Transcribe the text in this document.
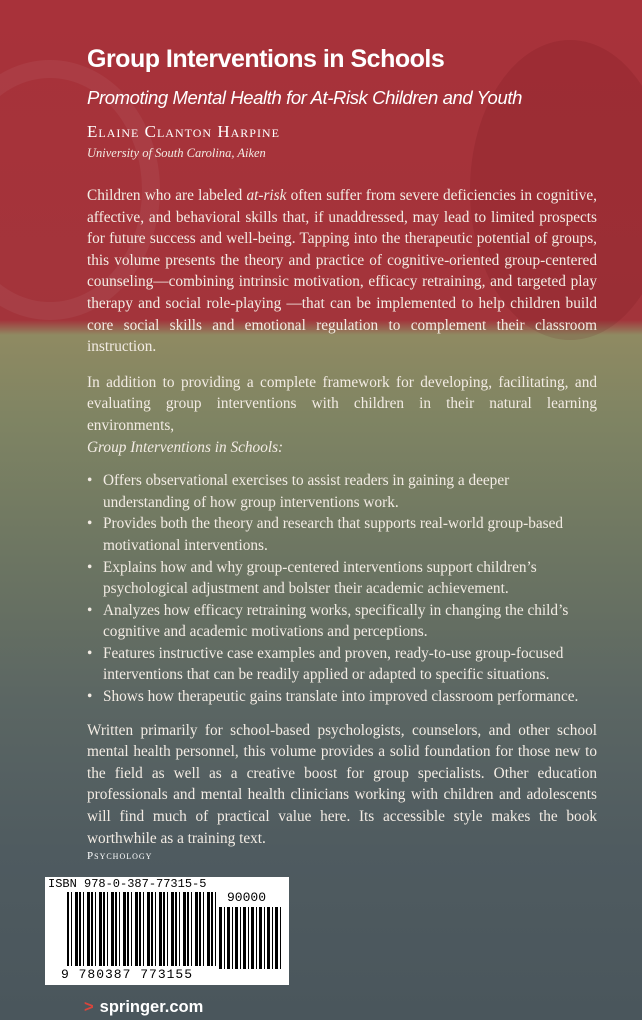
Group Interventions in Schools
Promoting Mental Health for At-Risk Children and Youth
Elaine Clanton Harpine
University of South Carolina, Aiken

Children who are labeled at-risk often suffer from severe deficiencies in cognitive, affective, and behavioral skills that, if unaddressed, may lead to limited prospects for future success and well-being. Tapping into the therapeutic potential of groups, this volume presents the theory and practice of cognitive-oriented group-centered counseling—combining intrinsic motivation, efficacy retraining, and targeted play therapy and social role-playing —that can be implemented to help children build core social skills and emotional regulation to complement their classroom instruction.

In addition to providing a complete framework for developing, facilitating, and evaluating group interventions with children in their natural learning environments,
Group Interventions in Schools:

• Offers observational exercises to assist readers in gaining a deeper understanding of how group interventions work.
• Provides both the theory and research that supports real-world group-based motivational interventions.
• Explains how and why group-centered interventions support children’s psychological adjustment and bolster their academic achievement.
• Analyzes how efficacy retraining works, specifically in changing the child’s cognitive and academic motivations and perceptions.
• Features instructive case examples and proven, ready-to-use group-focused interventions that can be readily applied or adapted to specific situations.
• Shows how therapeutic gains translate into improved classroom performance.

Written primarily for school-based psychologists, counselors, and other school mental health personnel, this volume provides a solid foundation for those new to the field as well as a creative boost for group specialists. Other education professionals and mental health clinicians working with children and adolescents will find much of practical value here. Its accessible style makes the book worthwhile as a training text.

Psychology
ISBN 978-0-387-77315-5
90000
9 780387 773155
> springer.com
